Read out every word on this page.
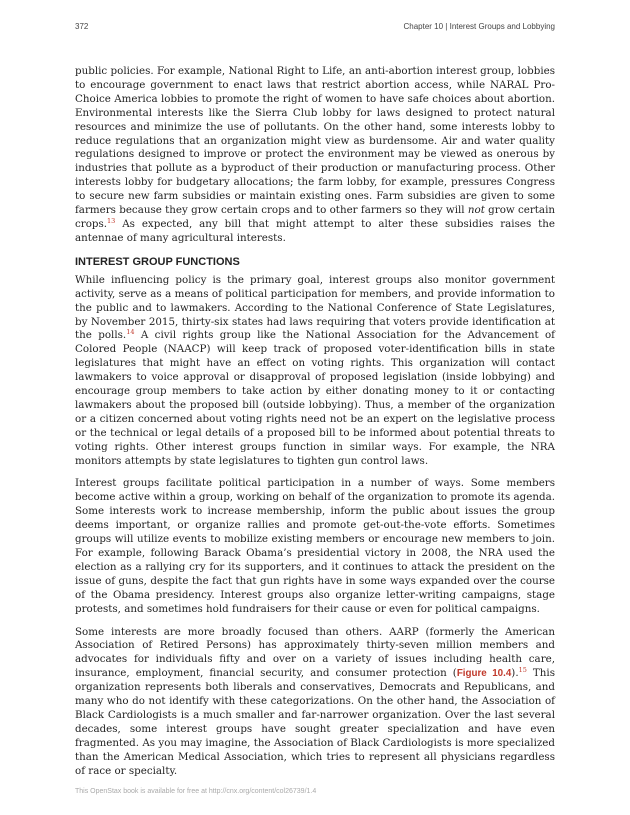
372	Chapter 10 | Interest Groups and Lobbying

public policies. For example, National Right to Life, an anti-abortion interest group, lobbies to encourage government to enact laws that restrict abortion access, while NARAL Pro-Choice America lobbies to promote the right of women to have safe choices about abortion. Environmental interests like the Sierra Club lobby for laws designed to protect natural resources and minimize the use of pollutants. On the other hand, some interests lobby to reduce regulations that an organization might view as burdensome. Air and water quality regulations designed to improve or protect the environment may be viewed as onerous by industries that pollute as a byproduct of their production or manufacturing process. Other interests lobby for budgetary allocations; the farm lobby, for example, pressures Congress to secure new farm subsidies or maintain existing ones. Farm subsidies are given to some farmers because they grow certain crops and to other farmers so they will not grow certain crops.$^{13}$ As expected, any bill that might attempt to alter these subsidies raises the antennae of many agricultural interests.

INTEREST GROUP FUNCTIONS

While influencing policy is the primary goal, interest groups also monitor government activity, serve as a means of political participation for members, and provide information to the public and to lawmakers. According to the National Conference of State Legislatures, by November 2015, thirty-six states had laws requiring that voters provide identification at the polls.$^{14}$ A civil rights group like the National Association for the Advancement of Colored People (NAACP) will keep track of proposed voter-identification bills in state legislatures that might have an effect on voting rights. This organization will contact lawmakers to voice approval or disapproval of proposed legislation (inside lobbying) and encourage group members to take action by either donating money to it or contacting lawmakers about the proposed bill (outside lobbying). Thus, a member of the organization or a citizen concerned about voting rights need not be an expert on the legislative process or the technical or legal details of a proposed bill to be informed about potential threats to voting rights. Other interest groups function in similar ways. For example, the NRA monitors attempts by state legislatures to tighten gun control laws.

Interest groups facilitate political participation in a number of ways. Some members become active within a group, working on behalf of the organization to promote its agenda. Some interests work to increase membership, inform the public about issues the group deems important, or organize rallies and promote get-out-the-vote efforts. Sometimes groups will utilize events to mobilize existing members or encourage new members to join. For example, following Barack Obama’s presidential victory in 2008, the NRA used the election as a rallying cry for its supporters, and it continues to attack the president on the issue of guns, despite the fact that gun rights have in some ways expanded over the course of the Obama presidency. Interest groups also organize letter-writing campaigns, stage protests, and sometimes hold fundraisers for their cause or even for political campaigns.

Some interests are more broadly focused than others. AARP (formerly the American Association of Retired Persons) has approximately thirty-seven million members and advocates for individuals fifty and over on a variety of issues including health care, insurance, employment, financial security, and consumer protection (Figure 10.4).$^{15}$ This organization represents both liberals and conservatives, Democrats and Republicans, and many who do not identify with these categorizations. On the other hand, the Association of Black Cardiologists is a much smaller and far-narrower organization. Over the last several decades, some interest groups have sought greater specialization and have even fragmented. As you may imagine, the Association of Black Cardiologists is more specialized than the American Medical Association, which tries to represent all physicians regardless of race or specialty.

This OpenStax book is available for free at http://cnx.org/content/col26739/1.4
